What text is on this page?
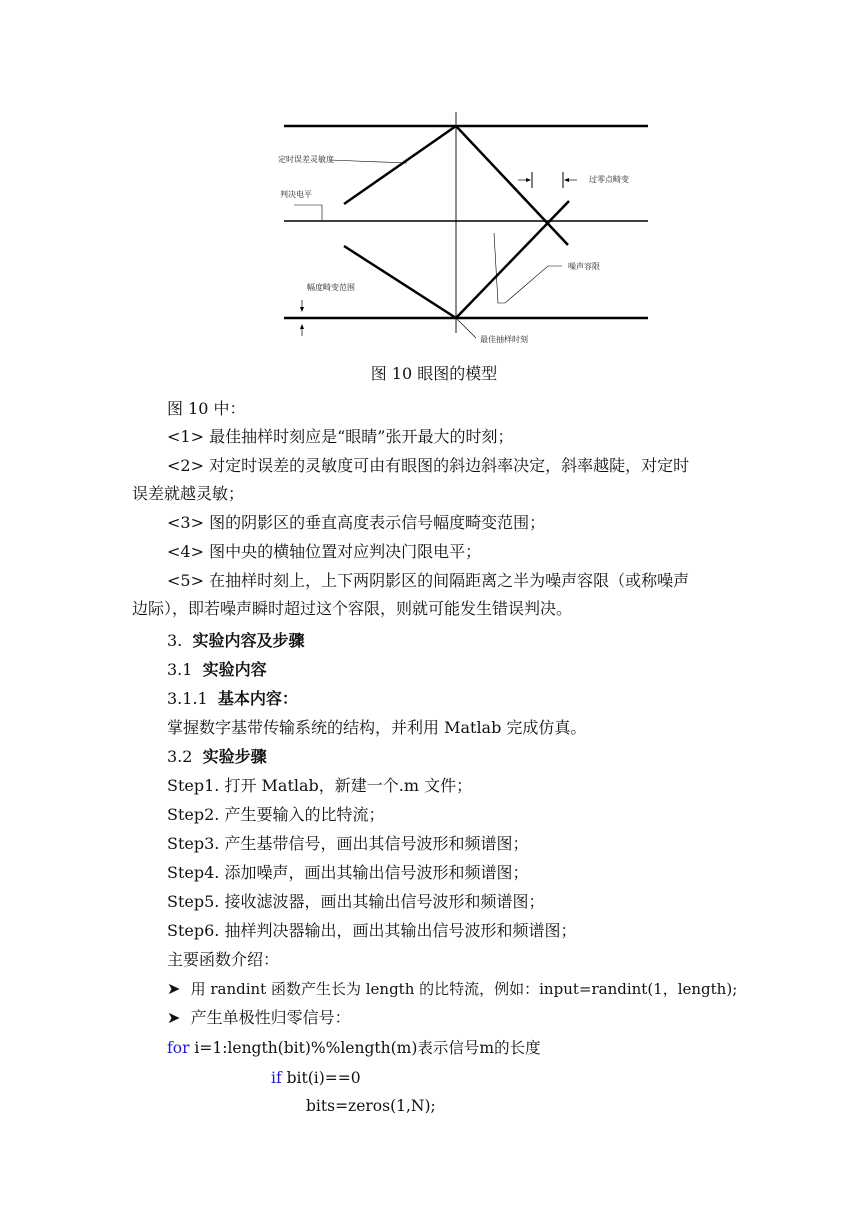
定时误差灵敏度
判决电平
过零点畸变
噪声容限
幅度畸变范围
最佳抽样时刻
图 10 眼图的模型
图 10 中：
<1> 最佳抽样时刻应是“眼睛”张开最大的时刻；
<2> 对定时误差的灵敏度可由有眼图的斜边斜率决定，斜率越陡，对定时
误差就越灵敏；
<3> 图的阴影区的垂直高度表示信号幅度畸变范围；
<4> 图中央的横轴位置对应判决门限电平；
<5> 在抽样时刻上，上下两阴影区的间隔距离之半为噪声容限（或称噪声
边际），即若噪声瞬时超过这个容限，则就可能发生错误判决。
3. 实验内容及步骤
3.1 实验内容
3.1.1 基本内容：
掌握数字基带传输系统的结构，并利用 Matlab 完成仿真。
3.2 实验步骤
Step1. 打开 Matlab，新建一个.m 文件；
Step2. 产生要输入的比特流；
Step3. 产生基带信号，画出其信号波形和频谱图；
Step4. 添加噪声，画出其输出信号波形和频谱图；
Step5. 接收滤波器，画出其输出信号波形和频谱图；
Step6. 抽样判决器输出，画出其输出信号波形和频谱图；
主要函数介绍：
➤ 用 randint 函数产生长为 length 的比特流，例如：input=randint(1，length);
➤ 产生单极性归零信号：
for i=1:length(bit)%%length(m)表示信号m的长度
if bit(i)==0
bits=zeros(1,N);
